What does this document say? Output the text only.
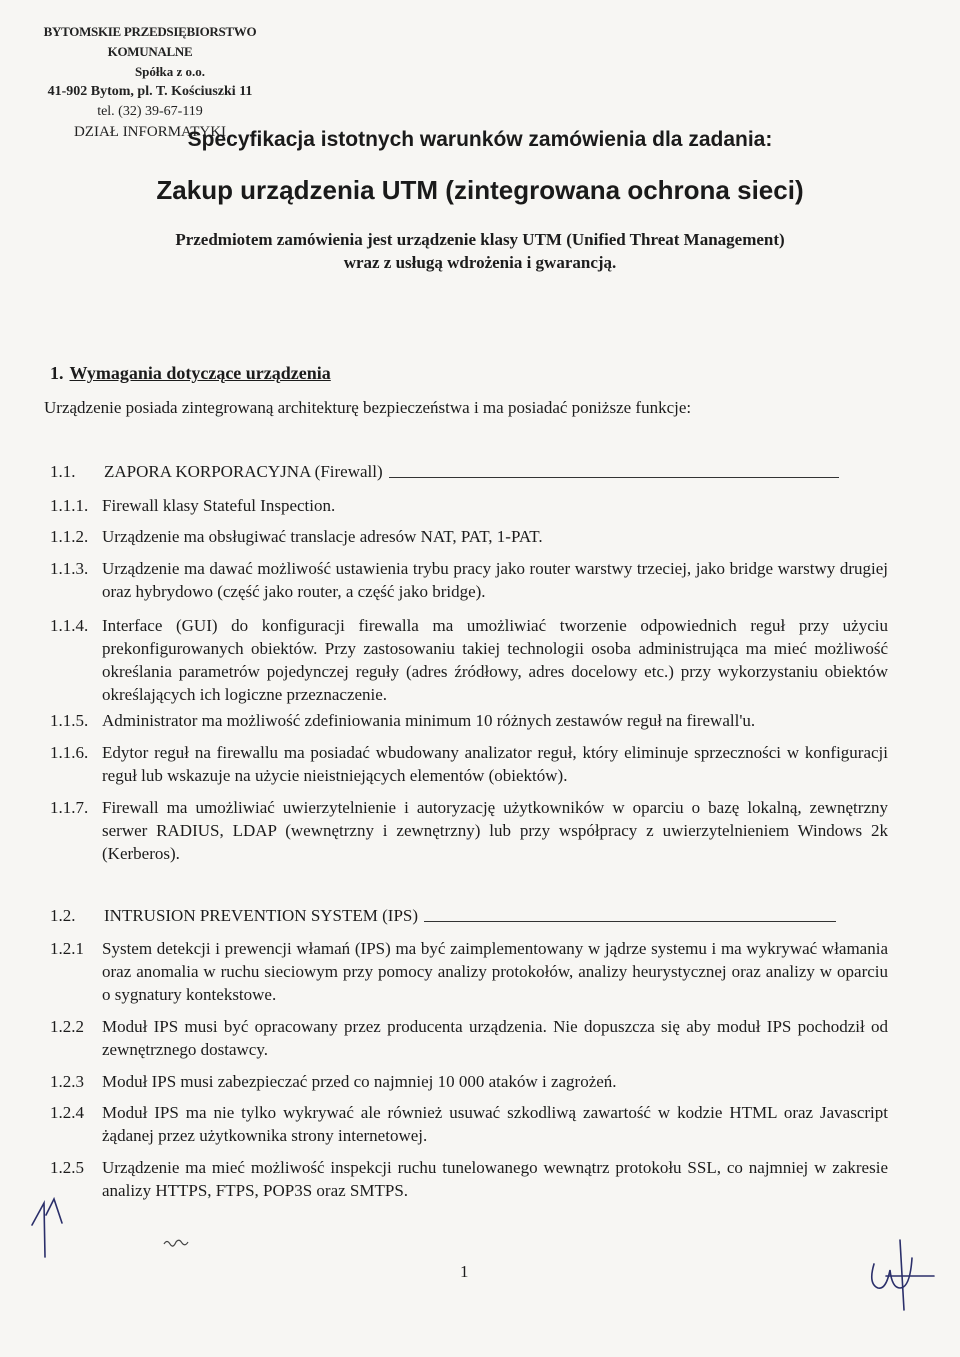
BYTOMSKIE PRZEDSIĘBIORSTWO KOMUNALNE
Spółka z o.o.
41-902 Bytom, pl. T. Kościuszki 11
tel. (32) 39-67-119
DZIAŁ INFORMATYKI
Specyfikacja istotnych warunków zamówienia dla zadania:
Zakup urządzenia UTM (zintegrowana ochrona sieci)
Przedmiotem zamówienia jest urządzenie klasy UTM (Unified Threat Management)
wraz z usługą wdrożenia i gwarancją.
1. Wymagania dotyczące urządzenia
Urządzenie posiada zintegrowaną architekturę bezpieczeństwa i ma posiadać poniższe funkcje:
1.1. ZAPORA KORPORACYJNA (Firewall)
1.1.1. Firewall klasy Stateful Inspection.
1.1.2. Urządzenie ma obsługiwać translacje adresów NAT, PAT, 1-PAT.
1.1.3. Urządzenie ma dawać możliwość ustawienia trybu pracy jako router warstwy trzeciej, jako bridge warstwy drugiej oraz hybrydowo (część jako router, a część jako bridge).
1.1.4. Interface (GUI) do konfiguracji firewalla ma umożliwiać tworzenie odpowiednich reguł przy użyciu prekonfigurowanych obiektów. Przy zastosowaniu takiej technologii osoba administrująca ma mieć możliwość określania parametrów pojedynczej reguły (adres źródłowy, adres docelowy etc.) przy wykorzystaniu obiektów określających ich logiczne przeznaczenie.
1.1.5. Administrator ma możliwość zdefiniowania minimum 10 różnych zestawów reguł na firewall'u.
1.1.6. Edytor reguł na firewallu ma posiadać wbudowany analizator reguł, który eliminuje sprzeczności w konfiguracji reguł lub wskazuje na użycie nieistniejących elementów (obiektów).
1.1.7. Firewall ma umożliwiać uwierzytelnienie i autoryzację użytkowników w oparciu o bazę lokalną, zewnętrzny serwer RADIUS, LDAP (wewnętrzny i zewnętrzny) lub przy współpracy z uwierzytelnieniem Windows 2k (Kerberos).
1.2. INTRUSION PREVENTION SYSTEM (IPS)
1.2.1 System detekcji i prewencji włamań (IPS) ma być zaimplementowany w jądrze systemu i ma wykrywać włamania oraz anomalia w ruchu sieciowym przy pomocy analizy protokołów, analizy heurystycznej oraz analizy w oparciu o sygnatury kontekstowe.
1.2.2 Moduł IPS musi być opracowany przez producenta urządzenia. Nie dopuszcza się aby moduł IPS pochodził od zewnętrznego dostawcy.
1.2.3 Moduł IPS musi zabezpieczać przed co najmniej 10 000 ataków i zagrożeń.
1.2.4 Moduł IPS ma nie tylko wykrywać ale również usuwać szkodliwą zawartość w kodzie HTML oraz Javascript żądanej przez użytkownika strony internetowej.
1.2.5 Urządzenie ma mieć możliwość inspekcji ruchu tunelowanego wewnątrz protokołu SSL, co najmniej w zakresie analizy HTTPS, FTPS, POP3S oraz SMTPS.
1
